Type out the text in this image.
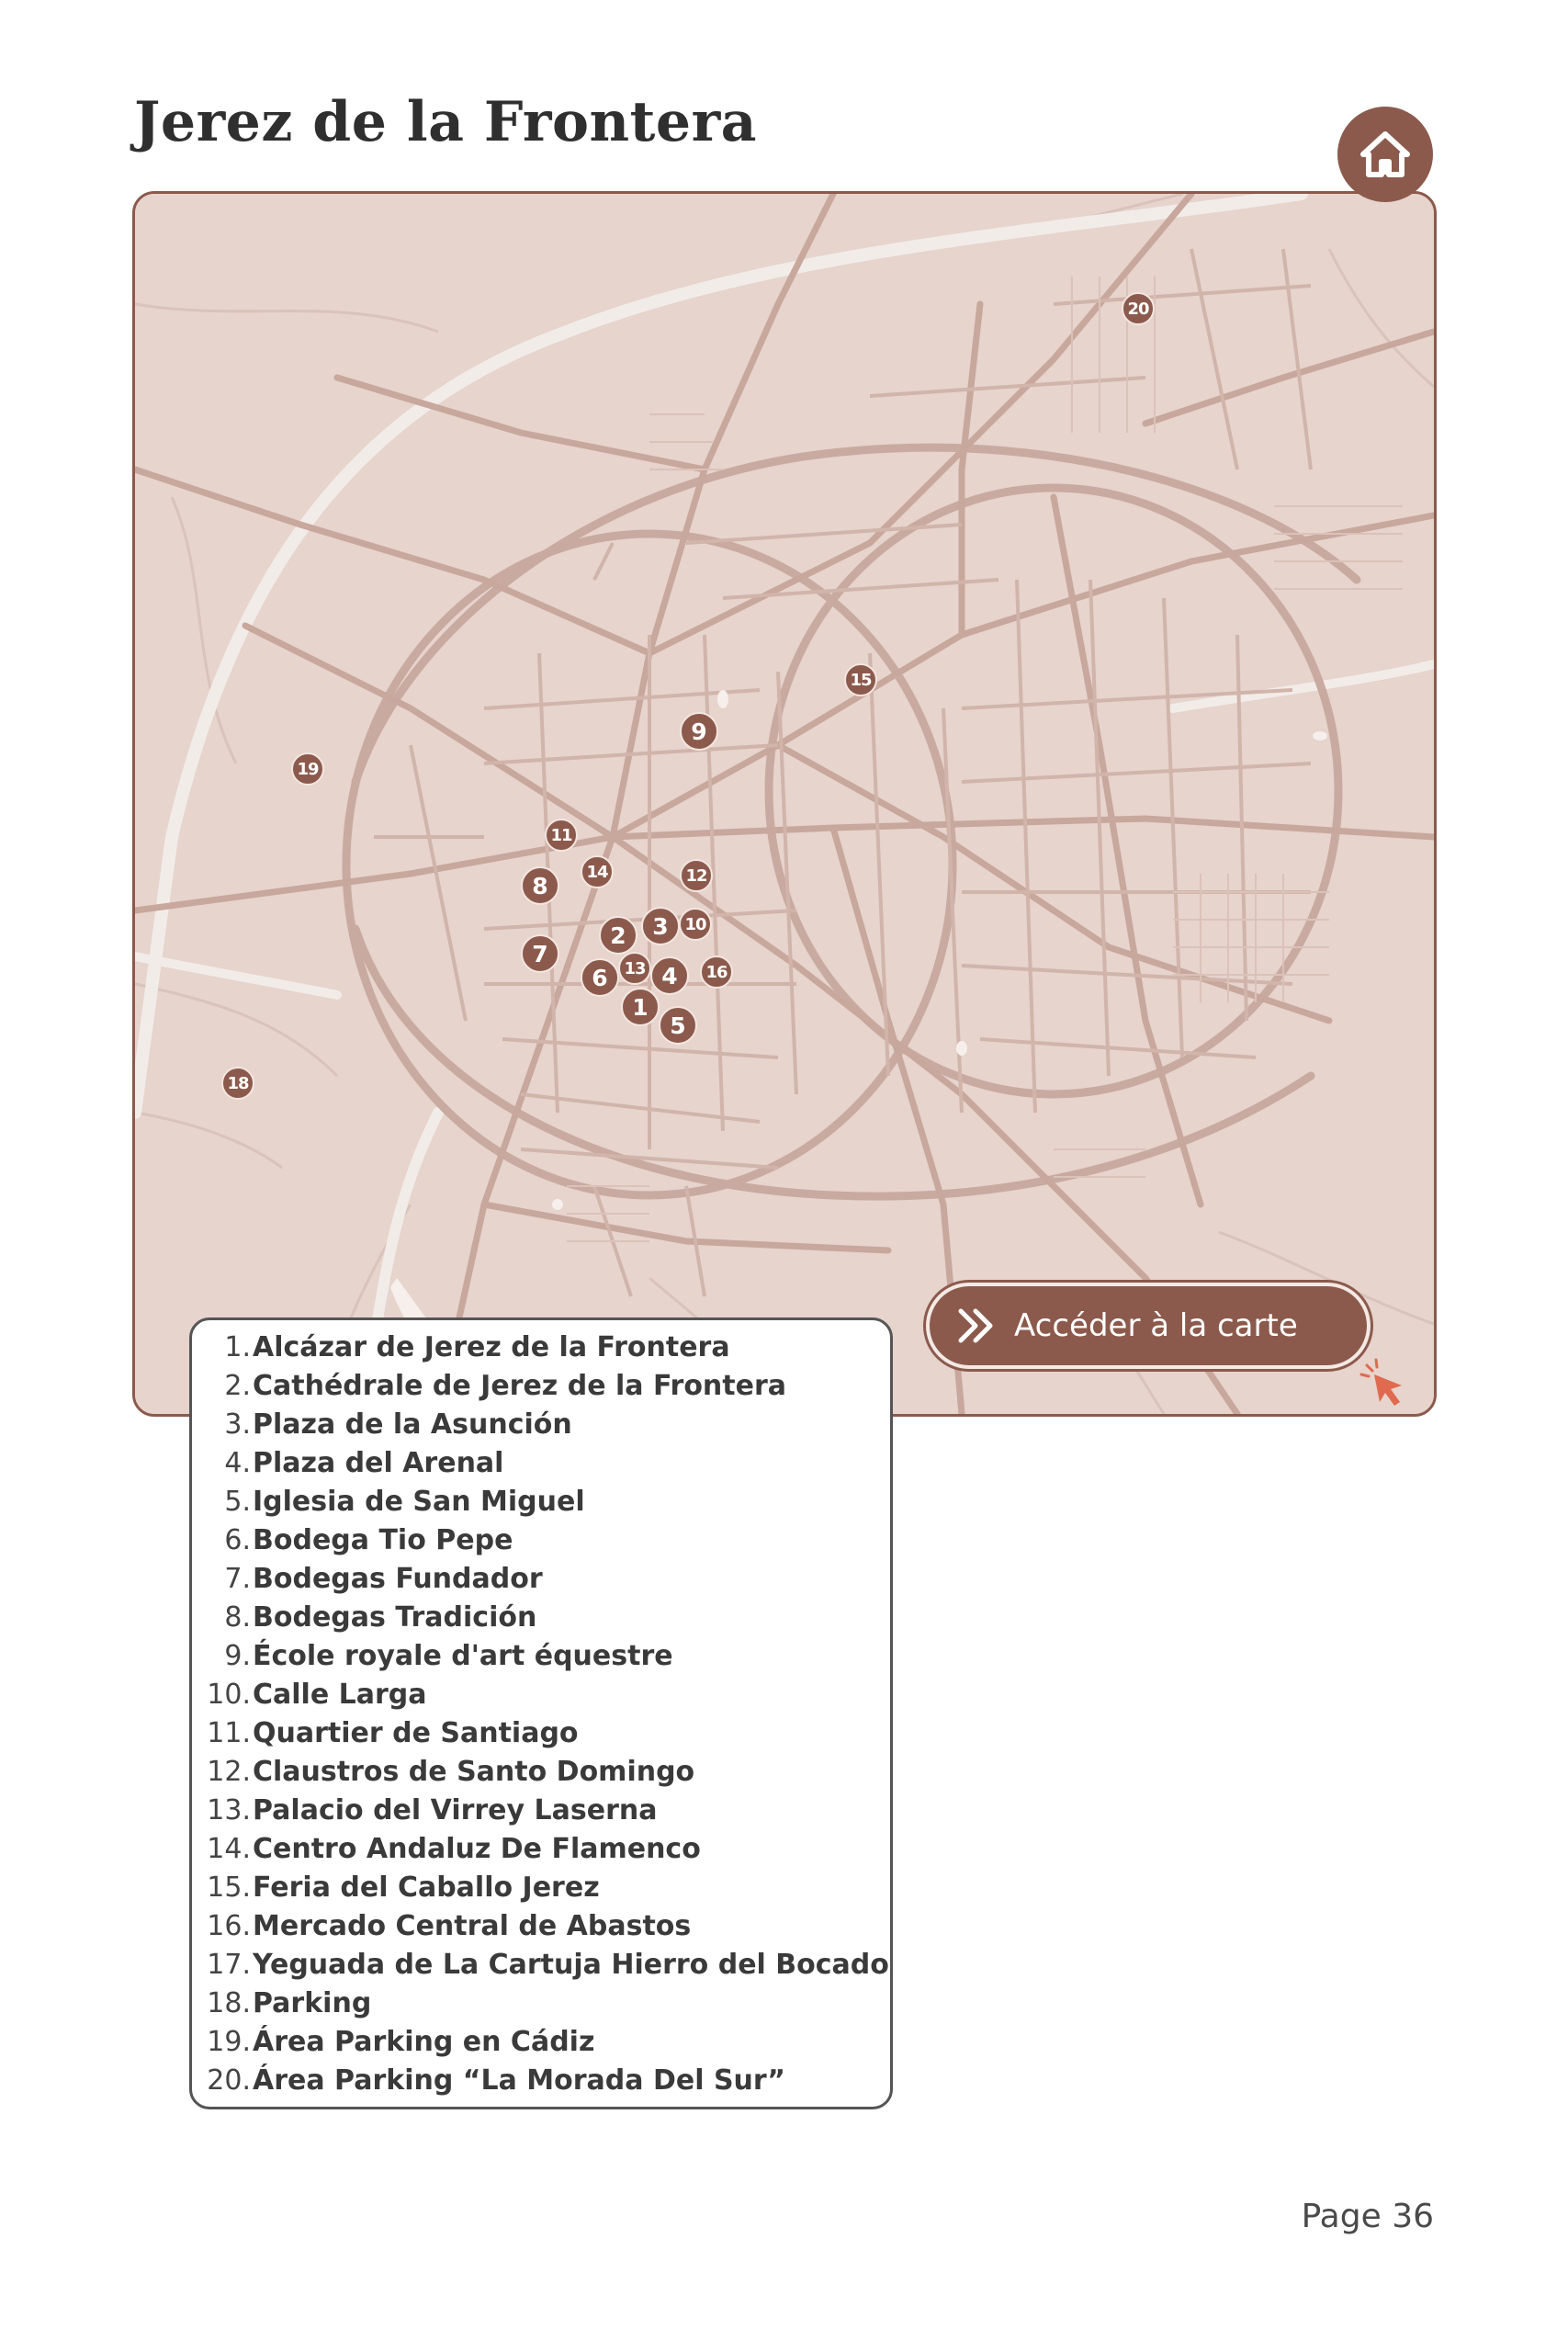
Jerez de la Frontera
1
2	3
4
5
6
7
8
9
10
11
12
13
14
15
16
18
19
20
Accéder à la carte
1. Alcázar de Jerez de la Frontera
2. Cathédrale de Jerez de la Frontera
3. Plaza de la Asunción
4. Plaza del Arenal
5. Iglesia de San Miguel
6. Bodega Tio Pepe
7. Bodegas Fundador
8. Bodegas Tradición
9. École royale d'art équestre
10. Calle Larga
11. Quartier de Santiago
12. Claustros de Santo Domingo
13. Palacio del Virrey Laserna
14. Centro Andaluz De Flamenco
15. Feria del Caballo Jerez
16. Mercado Central de Abastos
17. Yeguada de La Cartuja Hierro del Bocado
18. Parking
19. Área Parking en Cádiz
20. Área Parking “La Morada Del Sur”
Page 36
